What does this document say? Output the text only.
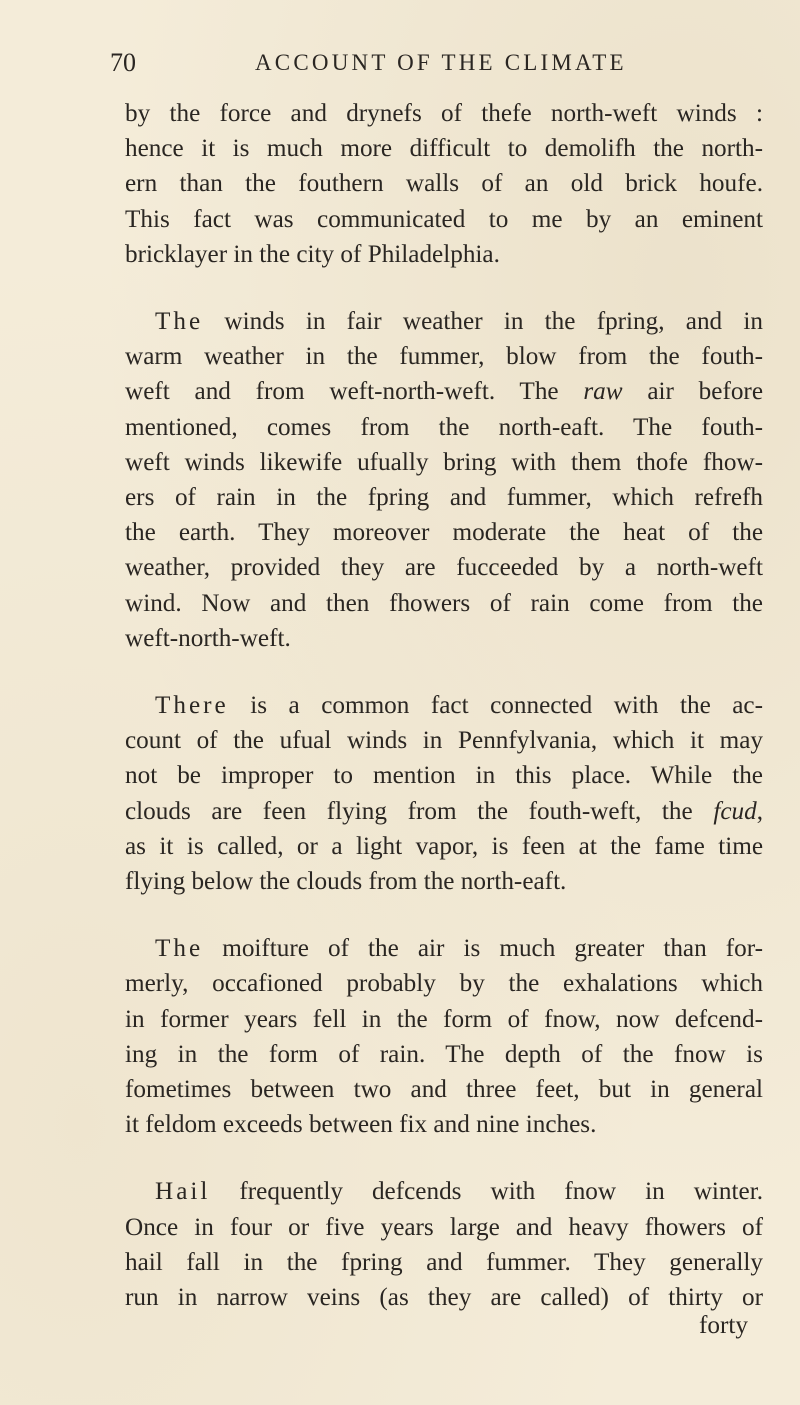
70	ACCOUNT OF THE CLIMATE

by the force and drynefs of thefe north-weft winds :
hence it is much more difficult to demolifh the north-
ern than the fouthern walls of an old brick houfe.
This fact was communicated to me by an eminent
bricklayer in the city of Philadelphia.

The winds in fair weather in the fpring, and in
warm weather in the fummer, blow from the fouth-
weft and from weft-north-weft. The raw air before
mentioned, comes from the north-eaft. The fouth-
weft winds likewife ufually bring with them thofe fhow-
ers of rain in the fpring and fummer, which refrefh
the earth. They moreover moderate the heat of the
weather, provided they are fucceeded by a north-weft
wind. Now and then fhowers of rain come from the
weft-north-weft.

There is a common fact connected with the ac-
count of the ufual winds in Pennfylvania, which it may
not be improper to mention in this place. While the
clouds are feen flying from the fouth-weft, the fcud,
as it is called, or a light vapor, is feen at the fame time
flying below the clouds from the north-eaft.

The moifture of the air is much greater than for-
merly, occafioned probably by the exhalations which
in former years fell in the form of fnow, now defcend-
ing in the form of rain. The depth of the fnow is
fometimes between two and three feet, but in general
it feldom exceeds between fix and nine inches.

Hail frequently defcends with fnow in winter.
Once in four or five years large and heavy fhowers of
hail fall in the fpring and fummer. They generally
run in narrow veins (as they are called) of thirty or

forty
